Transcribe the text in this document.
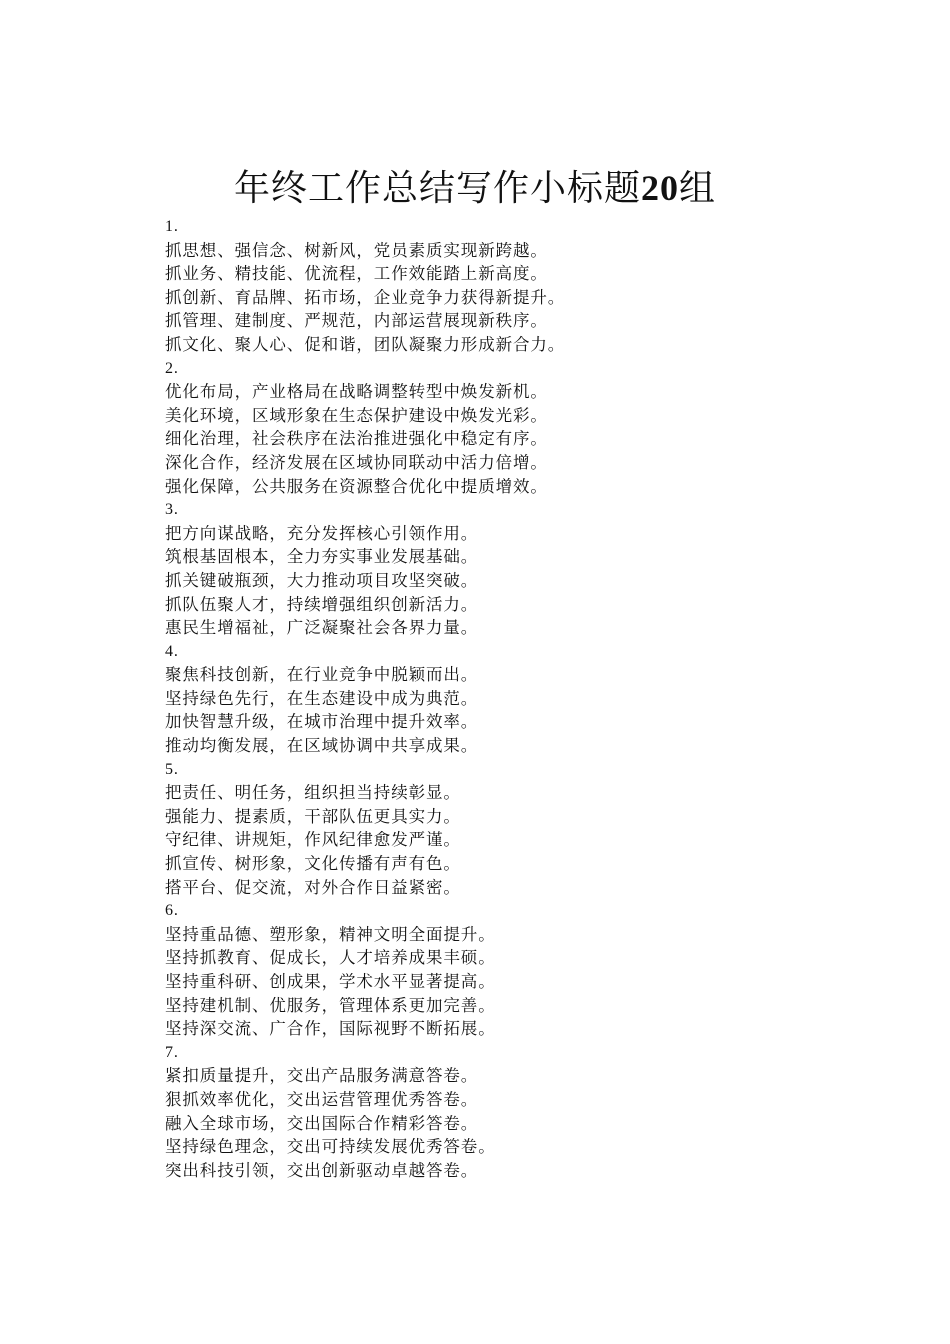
年终工作总结写作小标题20组
1.
抓思想、强信念、树新风，党员素质实现新跨越。
抓业务、精技能、优流程，工作效能踏上新高度。
抓创新、育品牌、拓市场，企业竞争力获得新提升。
抓管理、建制度、严规范，内部运营展现新秩序。
抓文化、聚人心、促和谐，团队凝聚力形成新合力。
2.
优化布局，产业格局在战略调整转型中焕发新机。
美化环境，区域形象在生态保护建设中焕发光彩。
细化治理，社会秩序在法治推进强化中稳定有序。
深化合作，经济发展在区域协同联动中活力倍增。
强化保障，公共服务在资源整合优化中提质增效。
3.
把方向谋战略，充分发挥核心引领作用。
筑根基固根本，全力夯实事业发展基础。
抓关键破瓶颈，大力推动项目攻坚突破。
抓队伍聚人才，持续增强组织创新活力。
惠民生增福祉，广泛凝聚社会各界力量。
4.
聚焦科技创新，在行业竞争中脱颖而出。
坚持绿色先行，在生态建设中成为典范。
加快智慧升级，在城市治理中提升效率。
推动均衡发展，在区域协调中共享成果。
5.
把责任、明任务，组织担当持续彰显。
强能力、提素质，干部队伍更具实力。
守纪律、讲规矩，作风纪律愈发严谨。
抓宣传、树形象，文化传播有声有色。
搭平台、促交流，对外合作日益紧密。
6.
坚持重品德、塑形象，精神文明全面提升。
坚持抓教育、促成长，人才培养成果丰硕。
坚持重科研、创成果，学术水平显著提高。
坚持建机制、优服务，管理体系更加完善。
坚持深交流、广合作，国际视野不断拓展。
7.
紧扣质量提升，交出产品服务满意答卷。
狠抓效率优化，交出运营管理优秀答卷。
融入全球市场，交出国际合作精彩答卷。
坚持绿色理念，交出可持续发展优秀答卷。
突出科技引领，交出创新驱动卓越答卷。
